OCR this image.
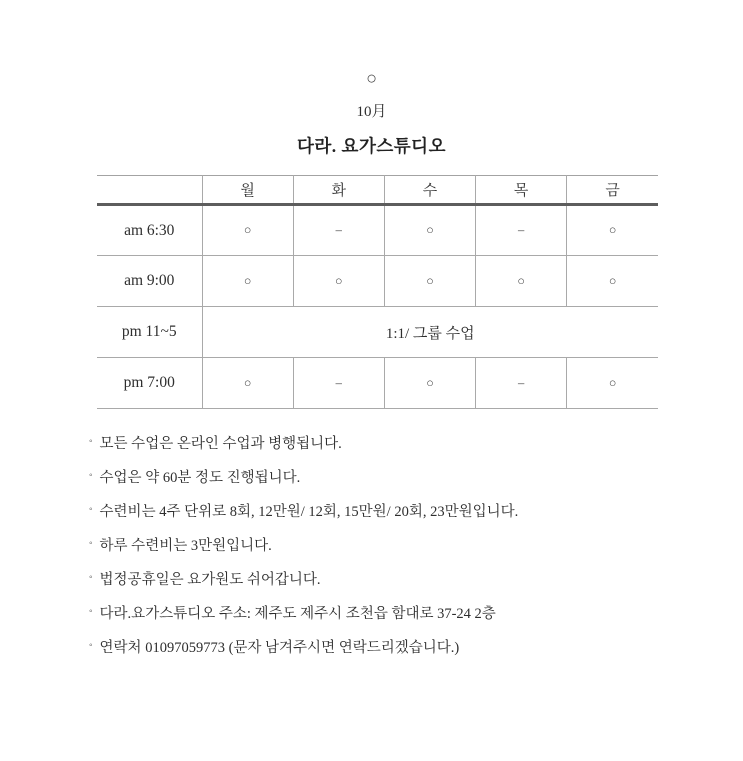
○
10月
다라. 요가스튜디오
	월	화	수	목	금
am 6:30	○	–	○	–	○
am 9:00	○	○	○	○	○
pm 11~5	1:1/ 그룹 수업				
pm 7:00	○	–	○	–	○
◦ 모든 수업은 온라인 수업과 병행됩니다.
◦ 수업은 약 60분 정도 진행됩니다.
◦ 수련비는 4주 단위로 8회, 12만원/ 12회, 15만원/ 20회, 23만원입니다.
◦ 하루 수련비는 3만원입니다.
◦ 법정공휴일은 요가원도 쉬어갑니다.
◦ 다라.요가스튜디오 주소: 제주도 제주시 조천읍 함대로 37-24 2층
◦ 연락처 01097059773 (문자 남겨주시면 연락드리겠습니다.)
